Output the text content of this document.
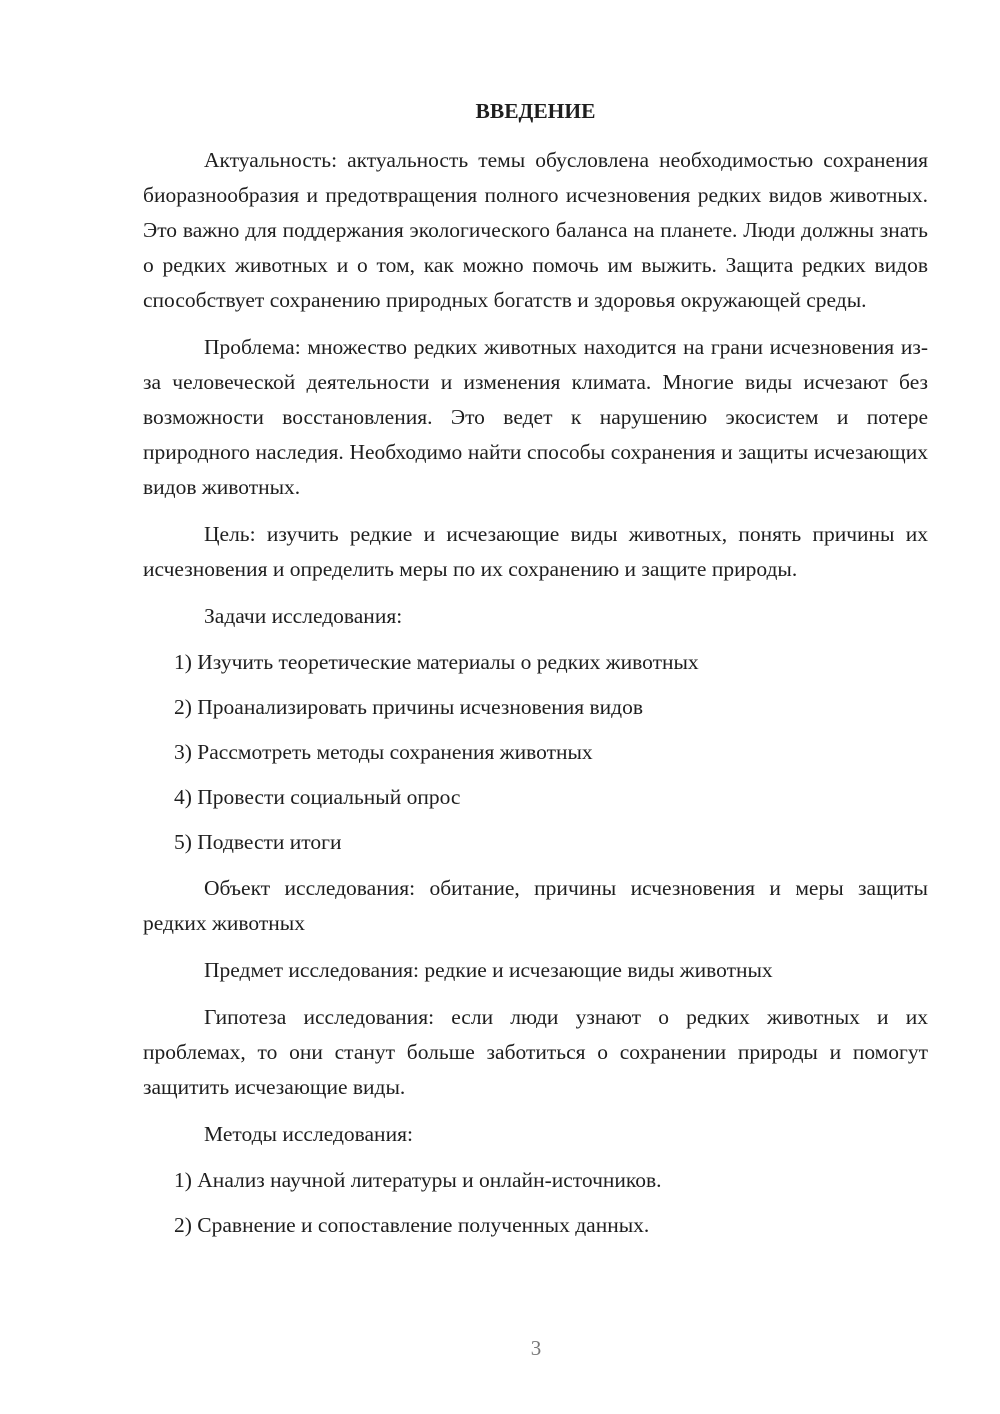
ВВЕДЕНИЕ

Актуальность: актуальность темы обусловлена необходимостью сохранения биоразнообразия и предотвращения полного исчезновения редких видов животных. Это важно для поддержания экологического баланса на планете. Люди должны знать о редких животных и о том, как можно помочь им выжить. Защита редких видов способствует сохранению природных богатств и здоровья окружающей среды.

Проблема: множество редких животных находится на грани исчезновения из-за человеческой деятельности и изменения климата. Многие виды исчезают без возможности восстановления. Это ведет к нарушению экосистем и потере природного наследия. Необходимо найти способы сохранения и защиты исчезающих видов животных.

Цель: изучить редкие и исчезающие виды животных, понять причины их исчезновения и определить меры по их сохранению и защите природы.

Задачи исследования:

1) Изучить теоретические материалы о редких животных
2) Проанализировать причины исчезновения видов
3) Рассмотреть методы сохранения животных
4) Провести социальный опрос
5) Подвести итоги

Объект исследования: обитание, причины исчезновения и меры защиты редких животных

Предмет исследования: редкие и исчезающие виды животных

Гипотеза исследования: если люди узнают о редких животных и их проблемах, то они станут больше заботиться о сохранении природы и помогут защитить исчезающие виды.

Методы исследования:

1) Анализ научной литературы и онлайн-источников.
2) Сравнение и сопоставление полученных данных.
3
